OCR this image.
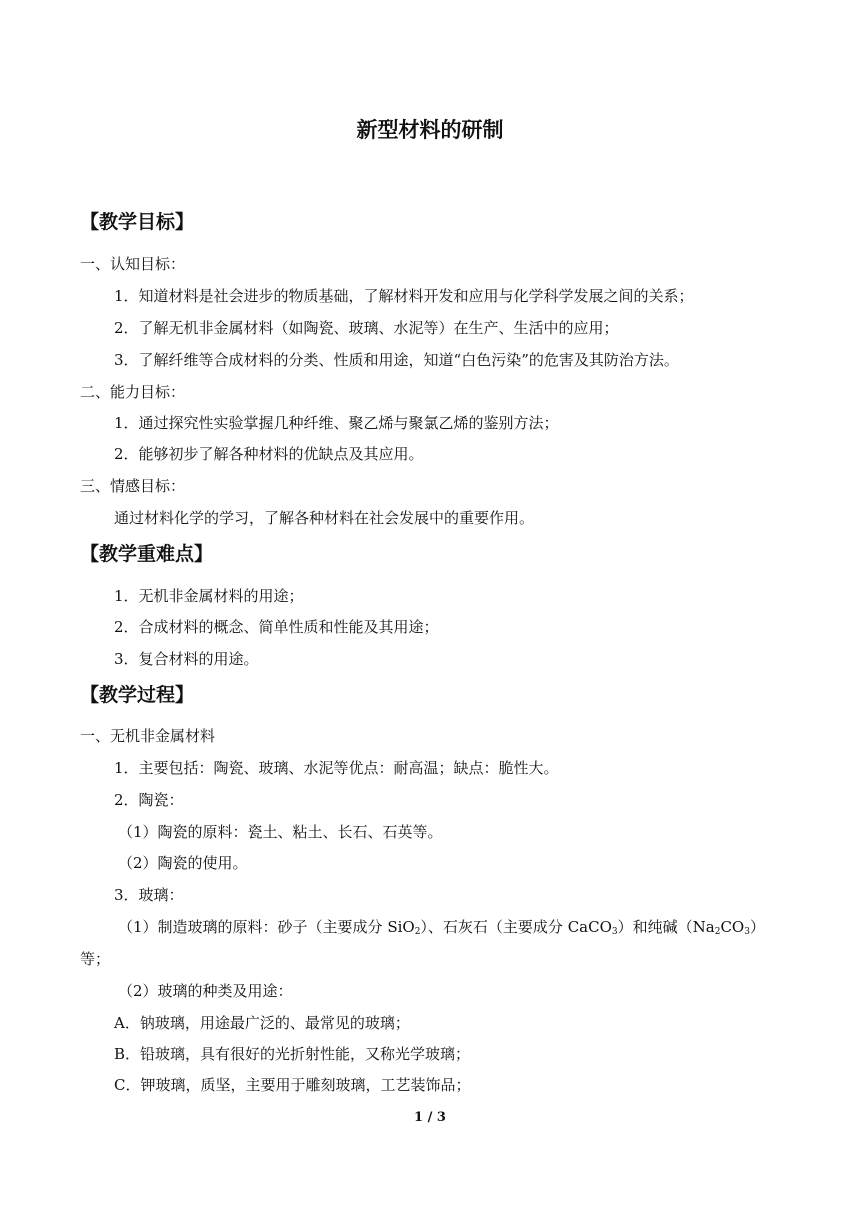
新型材料的研制
【教学目标】
一、认知目标：
1．知道材料是社会进步的物质基础，了解材料开发和应用与化学科学发展之间的关系；
2．了解无机非金属材料（如陶瓷、玻璃、水泥等）在生产、生活中的应用；
3．了解纤维等合成材料的分类、性质和用途，知道“白色污染”的危害及其防治方法。
二、能力目标：
1．通过探究性实验掌握几种纤维、聚乙烯与聚氯乙烯的鉴别方法；
2．能够初步了解各种材料的优缺点及其应用。
三、情感目标：
通过材料化学的学习，了解各种材料在社会发展中的重要作用。
【教学重难点】
1．无机非金属材料的用途；
2．合成材料的概念、简单性质和性能及其用途；
3．复合材料的用途。
【教学过程】
一、无机非金属材料
1．主要包括：陶瓷、玻璃、水泥等优点：耐高温；缺点：脆性大。
2．陶瓷：
（1）陶瓷的原料：瓷土、粘土、长石、石英等。
（2）陶瓷的使用。
3．玻璃：
（1）制造玻璃的原料：砂子（主要成分 SiO$_2$）、石灰石（主要成分 CaCO$_3$）和纯碱$(Na_2CO_3)$
等；
（2）玻璃的种类及用途：
A．钠玻璃，用途最广泛的、最常见的玻璃；
B．铅玻璃，具有很好的光折射性能，又称光学玻璃；
C．钾玻璃，质坚，主要用于雕刻玻璃，工艺装饰品；
1 / 3
